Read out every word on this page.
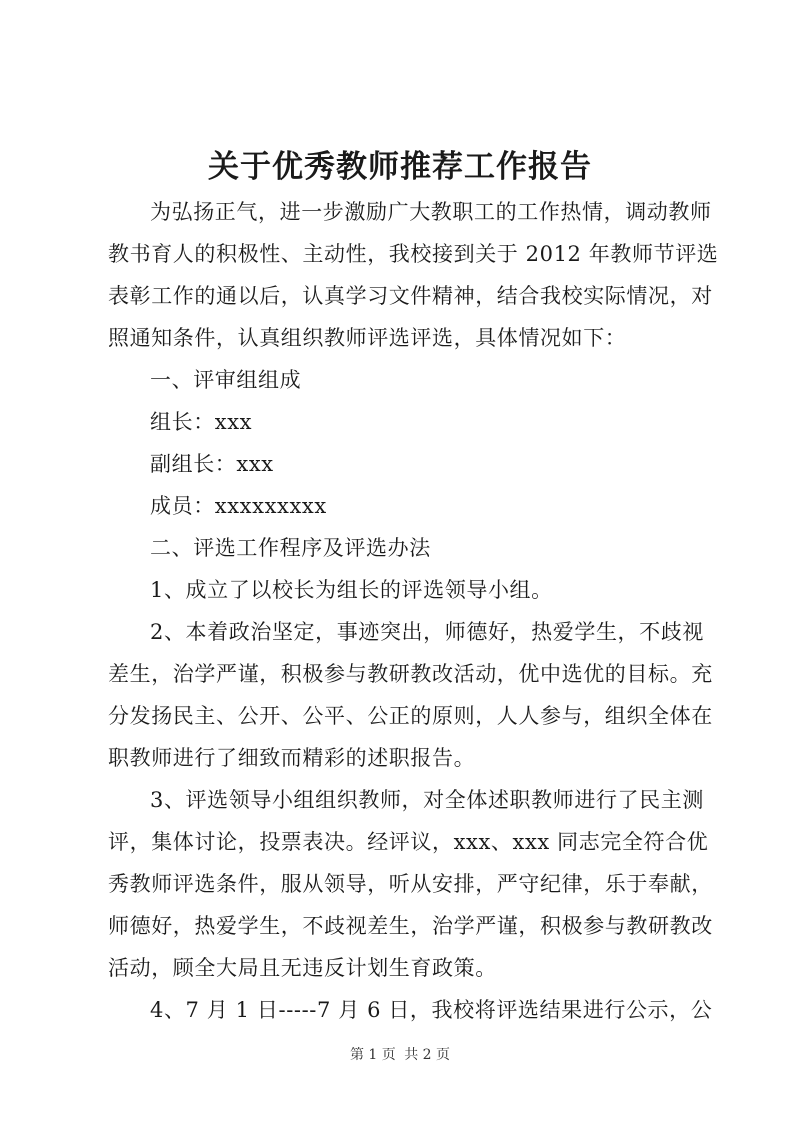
关于优秀教师推荐工作报告

为弘扬正气，进一步激励广大教职工的工作热情，调动教师

教书育人的积极性、主动性，我校接到关于 2012 年教师节评选

表彰工作的通以后，认真学习文件精神，结合我校实际情况，对

照通知条件，认真组织教师评选评选，具体情况如下：

一、评审组组成

组长：xxx

副组长：xxx

成员：xxxxxxxxx

二、评选工作程序及评选办法

1、成立了以校长为组长的评选领导小组。

2、本着政治坚定，事迹突出，师德好，热爱学生，不歧视

差生，治学严谨，积极参与教研教改活动，优中选优的目标。充

分发扬民主、公开、公平、公正的原则，人人参与，组织全体在

职教师进行了细致而精彩的述职报告。

3、评选领导小组组织教师，对全体述职教师进行了民主测

评，集体讨论，投票表决。经评议，xxx、xxx 同志完全符合优

秀教师评选条件，服从领导，听从安排，严守纪律，乐于奉献，

师德好，热爱学生，不歧视差生，治学严谨，积极参与教研教改

活动，顾全大局且无违反计划生育政策。

4、7 月 1 日-----7 月 6 日，我校将评选结果进行公示，公

第 1 页 共 2 页
